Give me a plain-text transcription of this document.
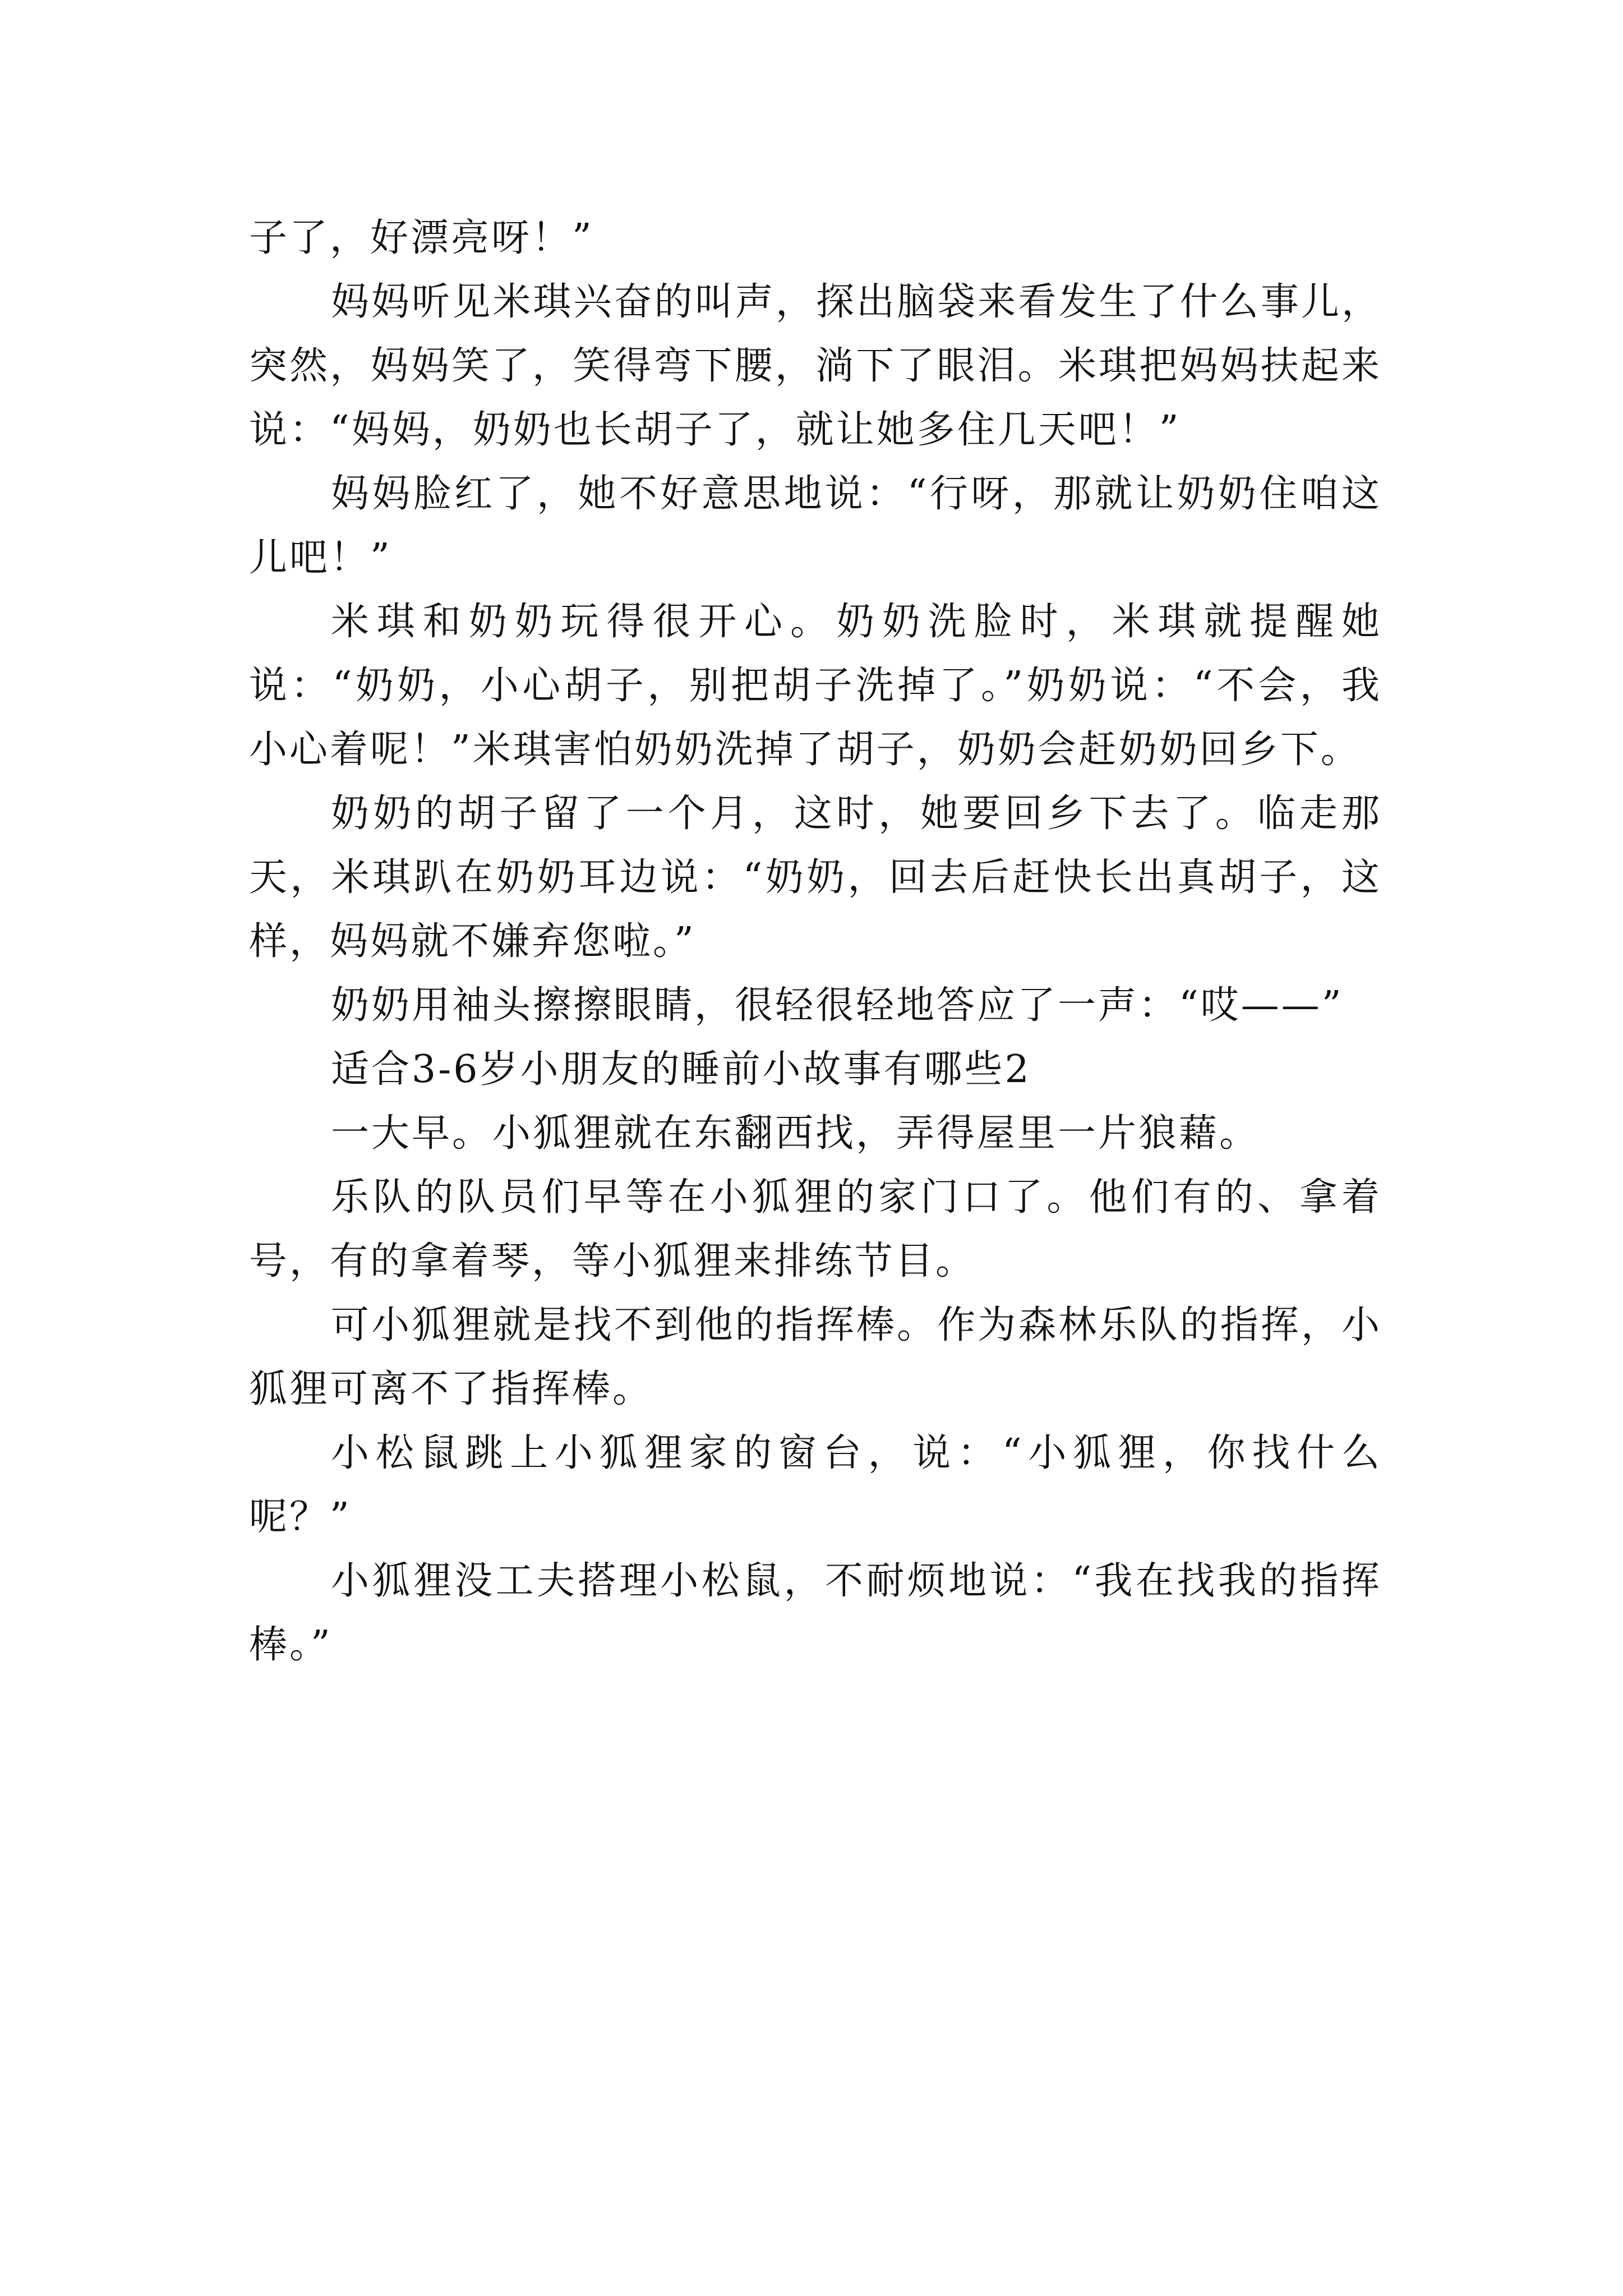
子了，好漂亮呀！”

妈妈听见米琪兴奋的叫声，探出脑袋来看发生了什么事儿，突然，妈妈笑了，笑得弯下腰，淌下了眼泪。米琪把妈妈扶起来说：“妈妈，奶奶也长胡子了，就让她多住几天吧！”

妈妈脸红了，她不好意思地说：“行呀，那就让奶奶住咱这儿吧！”

米琪和奶奶玩得很开心。奶奶洗脸时，米琪就提醒她说：“奶奶，小心胡子，别把胡子洗掉了。”奶奶说：“不会，我小心着呢！”米琪害怕奶奶洗掉了胡子，奶奶会赶奶奶回乡下。

奶奶的胡子留了一个月，这时，她要回乡下去了。临走那天，米琪趴在奶奶耳边说：“奶奶，回去后赶快长出真胡子，这样，妈妈就不嫌弃您啦。”

奶奶用袖头擦擦眼睛，很轻很轻地答应了一声：“哎——”

适合3-6岁小朋友的睡前小故事有哪些2

一大早。小狐狸就在东翻西找，弄得屋里一片狼藉。

乐队的队员们早等在小狐狸的家门口了。他们有的、拿着号，有的拿着琴，等小狐狸来排练节目。

可小狐狸就是找不到他的指挥棒。作为森林乐队的指挥，小狐狸可离不了指挥棒。

小松鼠跳上小狐狸家的窗台，说：“小狐狸，你找什么呢？”

小狐狸没工夫搭理小松鼠，不耐烦地说：“我在找我的指挥棒。”
